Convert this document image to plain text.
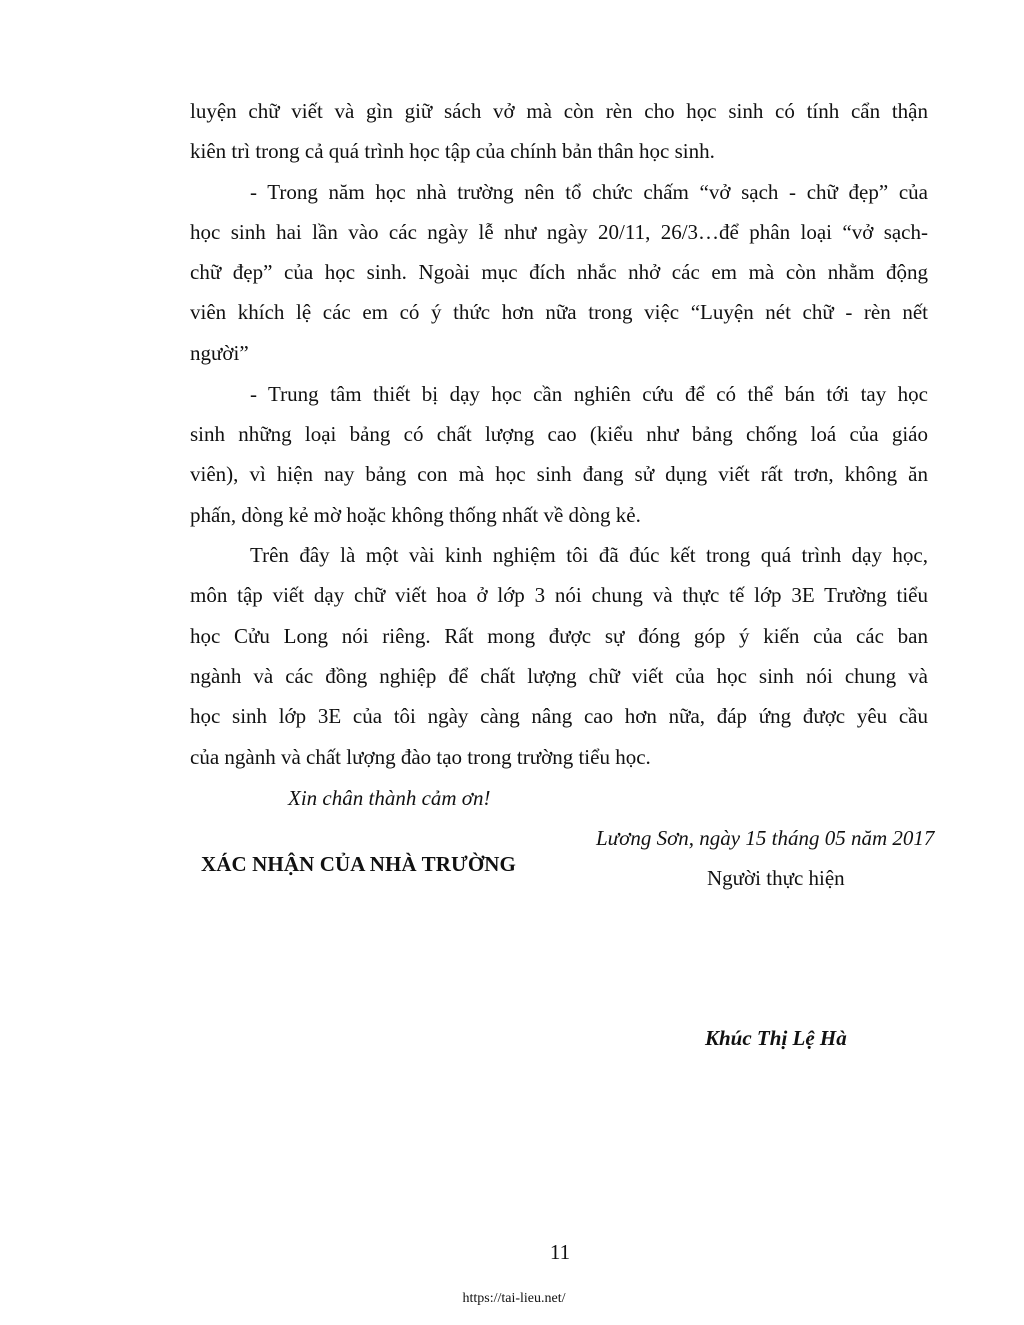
luyện chữ viết và gìn giữ sách vở mà còn rèn cho học sinh có tính cẩn thận
kiên trì trong cả quá trình học tập của chính bản thân học sinh.
- Trong năm học nhà trường nên tổ chức chấm “vở sạch - chữ đẹp” của
học sinh hai lần vào các ngày lễ như ngày 20/11, 26/3…để phân loại “vở sạch-
chữ đẹp” của học sinh. Ngoài mục đích nhắc nhở các em mà còn nhằm động
viên khích lệ các em có ý thức hơn nữa trong việc “Luyện nét chữ - rèn nết
người”
- Trung tâm thiết bị dạy học cần nghiên cứu để có thể bán tới tay học
sinh những loại bảng có chất lượng cao (kiểu như bảng chống loá của giáo
viên), vì hiện nay bảng con mà học sinh đang sử dụng viết rất trơn, không ăn
phấn, dòng kẻ mờ hoặc không thống nhất về dòng kẻ.
Trên đây là một vài kinh nghiệm tôi đã đúc kết trong quá trình dạy học,
môn tập viết dạy chữ viết hoa ở lớp 3 nói chung và thực tế lớp 3E Trường tiểu
học Cửu Long nói riêng. Rất mong được sự đóng góp ý kiến của các ban
ngành và các đồng nghiệp để chất lượng chữ viết của học sinh nói chung và
học sinh lớp 3E của tôi ngày càng nâng cao hơn nữa, đáp ứng được yêu cầu
của ngành và chất lượng đào tạo trong trường tiểu học.
Xin chân thành cảm ơn!
Lương Sơn, ngày 15 tháng 05 năm 2017
XÁC NHẬN CỦA NHÀ TRƯỜNG
Người thực hiện
Khúc Thị Lệ Hà
11
https://tai-lieu.net/
